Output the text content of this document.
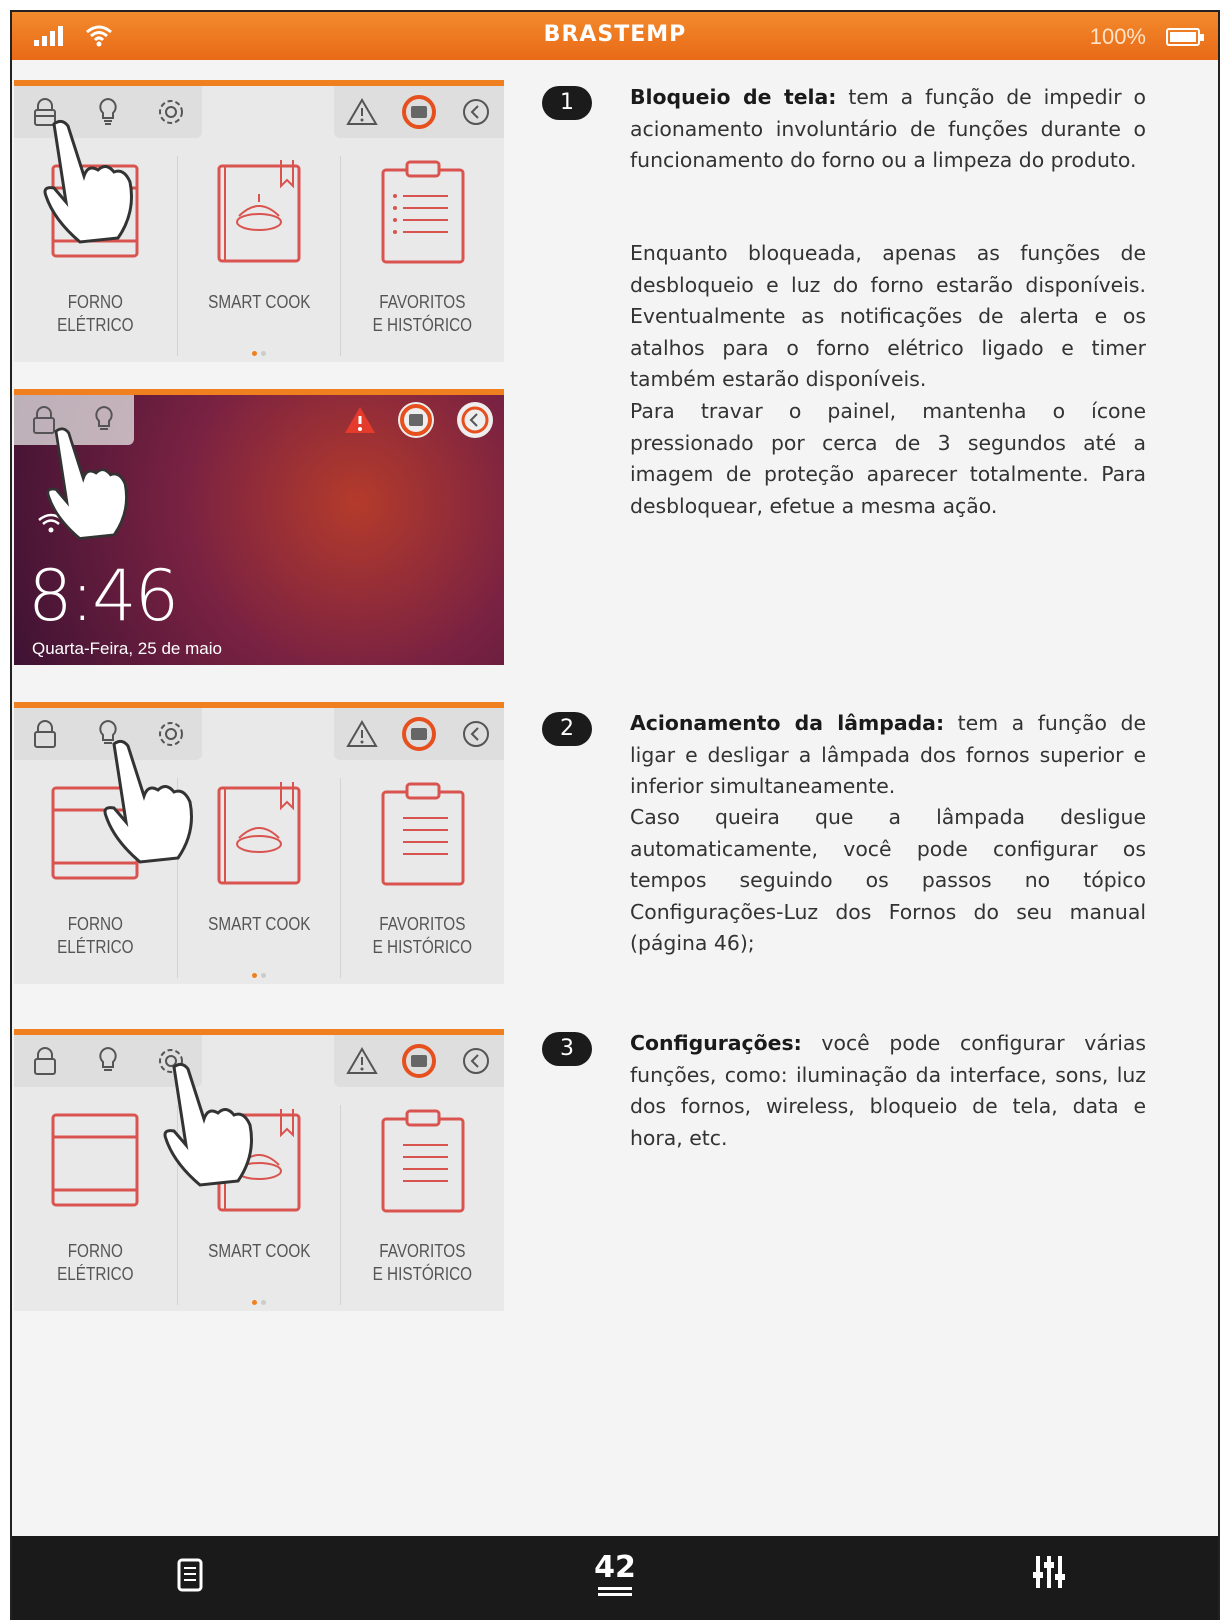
BRASTEMP	100%
FORNO
ELÉTRICO
SMART COOK	FAVORITOS
E HISTÓRICO
8:46
Quarta-Feira, 25 de maio
FORNO
ELÉTRICO
SMART COOK	FAVORITOS
E HISTÓRICO
FORNO
ELÉTRICO
SMART COOK	FAVORITOS
E HISTÓRICO
1	Bloqueio de tela: tem a função de impedir o acionamento involuntário de funções durante o funcionamento do forno ou a limpeza do produto.

Enquanto bloqueada, apenas as funções de desbloqueio e luz do forno estarão disponíveis. Eventualmente as notificações de alerta e os atalhos para o forno elétrico ligado e timer também estarão disponíveis.

Para travar o painel, mantenha o ícone pressionado por cerca de 3 segundos até a imagem de proteção aparecer totalmente. Para desbloquear, efetue a mesma ação.

2	Acionamento da lâmpada: tem a função de ligar e desligar a lâmpada dos fornos superior e inferior simultaneamente.

Caso queira que a lâmpada desligue automaticamente, você pode configurar os tempos seguindo os passos no tópico Configurações-Luz dos Fornos do seu manual (página 46);

3	Configurações: você pode configurar várias funções, como: iluminação da interface, sons, luz dos fornos, wireless, bloqueio de tela, data e hora, etc.

42
